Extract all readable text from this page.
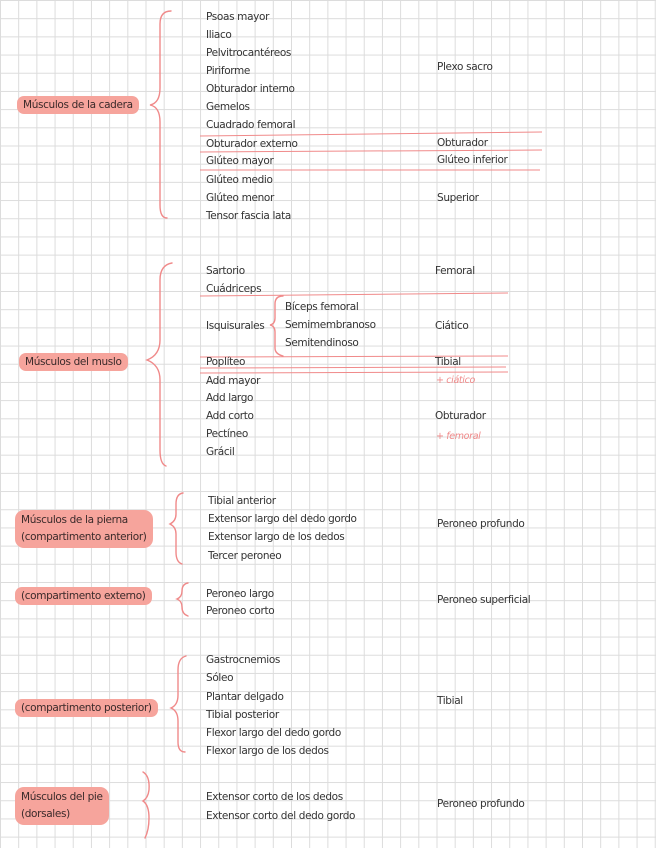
Músculos de la cadera
Psoas mayor
Iliaco
Pelvitrocantéreos
Piriforme
Obturador interno
Gemelos
Cuadrado femoral
Obturador externo
Glúteo mayor
Glúteo medio
Glúteo menor
Tensor fascia lata
Plexo sacro
Obturador
Glúteo inferior
Superior
Músculos del muslo
Sartorio
Cuádriceps
Isquisurales
Poplíteo
Add mayor
Add largo
Add corto
Pectíneo
Grácil
Bíceps femoral
Semimembranoso
Semitendinoso
Femoral
Ciático
Tibial
+ ciático
Obturador
+ femoral
Músculos de la pierna
(compartimento anterior)
Tibial anterior
Extensor largo del dedo gordo
Extensor largo de los dedos
Tercer peroneo
Peroneo profundo
(compartimento externo)	Peroneo largo
Peroneo corto
Peroneo superficial
(compartimento posterior)
Gastrocnemios
Sóleo
Plantar delgado
Tibial posterior
Flexor largo del dedo gordo
Flexor largo de los dedos
Tibial
Músculos del pie
(dorsales)
Extensor corto de los dedos
Extensor corto del dedo gordo
Peroneo profundo
